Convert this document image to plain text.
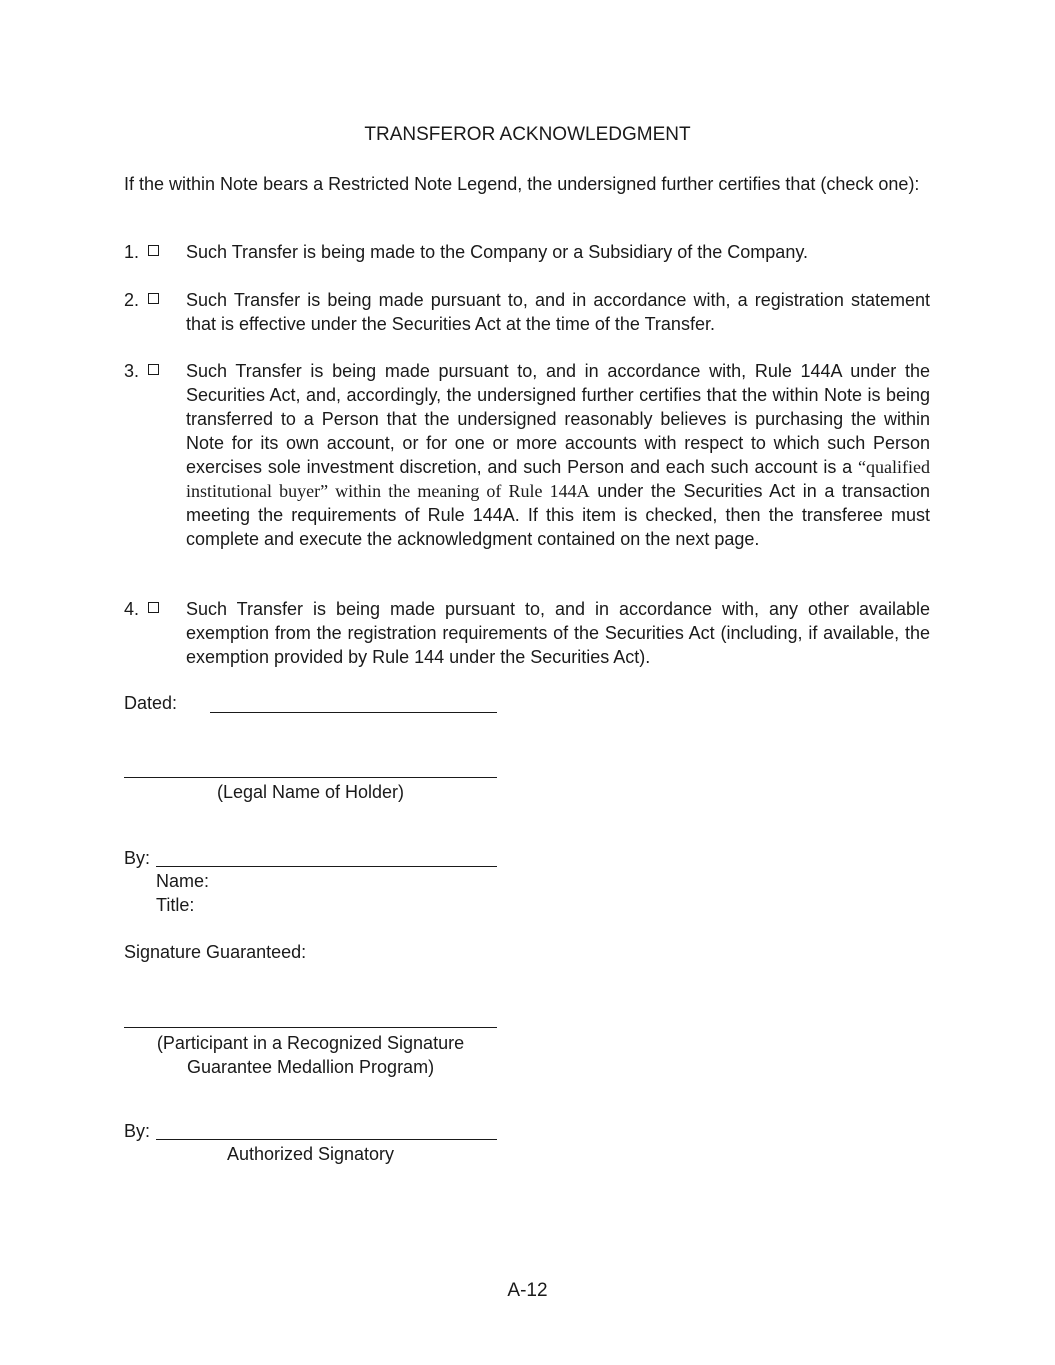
TRANSFEROR ACKNOWLEDGMENT
If the within Note bears a Restricted Note Legend, the undersigned further certifies that (check one):
1.	Such Transfer is being made to the Company or a Subsidiary of the Company.
2.	Such Transfer is being made pursuant to, and in accordance with, a registration statement that is effective under the Securities Act at the time of the Transfer.
3.	Such Transfer is being made pursuant to, and in accordance with, Rule 144A under the Securities Act, and, accordingly, the undersigned further certifies that the within Note is being transferred to a Person that the undersigned reasonably believes is purchasing the within Note for its own account, or for one or more accounts with respect to which such Person exercises sole investment discretion, and such Person and each such account is a “qualified institutional buyer” within the meaning of Rule 144A under the Securities Act in a transaction meeting the requirements of Rule 144A. If this item is checked, then the transferee must complete and execute the acknowledgment contained on the next page.
4.	Such Transfer is being made pursuant to, and in accordance with, any other available exemption from the registration requirements of the Securities Act (including, if available, the exemption provided by Rule 144 under the Securities Act).
Dated:
(Legal Name of Holder)
By:
Name:
Title:
Signature Guaranteed:
(Participant in a Recognized Signature
Guarantee Medallion Program)
By:
Authorized Signatory
A-12
